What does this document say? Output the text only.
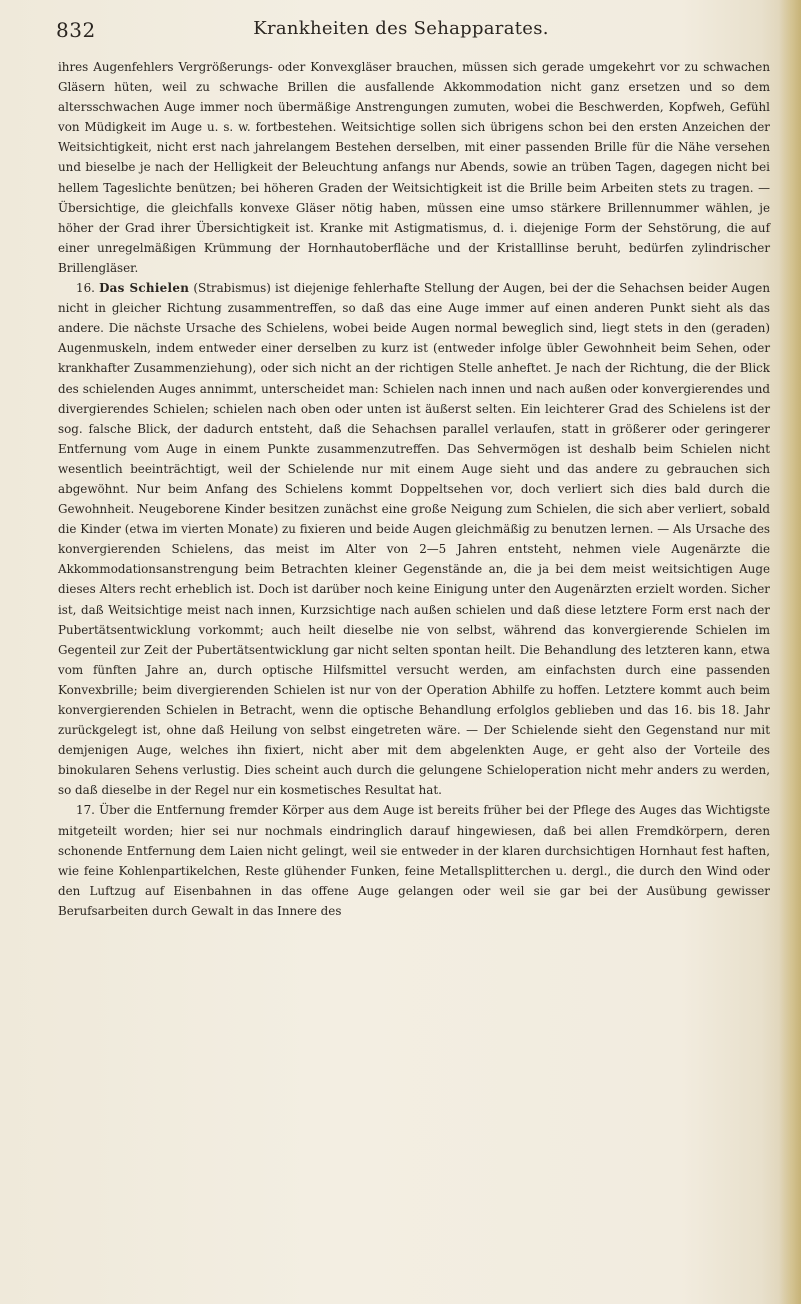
832	Krankheiten des Sehapparates.

ihres Augenfehlers Vergrößerungs- oder Konvexgläser brauchen, müssen sich gerade umgekehrt vor zu schwachen Gläsern hüten, weil zu schwache Brillen die ausfallende Akkommodation nicht ganz ersetzen und so dem altersschwachen Auge immer noch übermäßige Anstrengungen zumuten, wobei die Beschwerden, Kopfweh, Gefühl von Müdigkeit im Auge u. s. w. fortbestehen. Weitsichtige sollen sich übrigens schon bei den ersten Anzeichen der Weitsichtigkeit, nicht erst nach jahrelangem Bestehen derselben, mit einer passenden Brille für die Nähe versehen und bieselbe je nach der Helligkeit der Beleuchtung anfangs nur Abends, sowie an trüben Tagen, dagegen nicht bei hellem Tageslichte benützen; bei höheren Graden der Weitsichtigkeit ist die Brille beim Arbeiten stets zu tragen. — Übersichtige, die gleichfalls konvexe Gläser nötig haben, müssen eine umso stärkere Brillennummer wählen, je höher der Grad ihrer Übersichtigkeit ist. Kranke mit Astigmatismus, d. i. diejenige Form der Sehstörung, die auf einer unregelmäßigen Krümmung der Hornhautoberfläche und der Kristalllinse beruht, bedürfen zylindrischer Brillengläser.

16. Das Schielen (Strabismus) ist diejenige fehlerhafte Stellung der Augen, bei der die Sehachsen beider Augen nicht in gleicher Richtung zusammentreffen, so daß das eine Auge immer auf einen anderen Punkt sieht als das andere. Die nächste Ursache des Schielens, wobei beide Augen normal beweglich sind, liegt stets in den (geraden) Augenmuskeln, indem entweder einer derselben zu kurz ist (entweder infolge übler Gewohnheit beim Sehen, oder krankhafter Zusammenziehung), oder sich nicht an der richtigen Stelle anheftet. Je nach der Richtung, die der Blick des schielenden Auges annimmt, unterscheidet man: Schielen nach innen und nach außen oder konvergierendes und divergierendes Schielen; schielen nach oben oder unten ist äußerst selten. Ein leichterer Grad des Schielens ist der sog. falsche Blick, der dadurch entsteht, daß die Sehachsen parallel verlaufen, statt in größerer oder geringerer Entfernung vom Auge in einem Punkte zusammenzutreffen. Das Sehvermögen ist deshalb beim Schielen nicht wesentlich beeinträchtigt, weil der Schielende nur mit einem Auge sieht und das andere zu gebrauchen sich abgewöhnt. Nur beim Anfang des Schielens kommt Doppeltsehen vor, doch verliert sich dies bald durch die Gewohnheit. Neugeborene Kinder besitzen zunächst eine große Neigung zum Schielen, die sich aber verliert, sobald die Kinder (etwa im vierten Monate) zu fixieren und beide Augen gleichmäßig zu benutzen lernen. — Als Ursache des konvergierenden Schielens, das meist im Alter von 2—5 Jahren entsteht, nehmen viele Augenärzte die Akkommodationsanstrengung beim Betrachten kleiner Gegenstände an, die ja bei dem meist weitsichtigen Auge dieses Alters recht erheblich ist. Doch ist darüber noch keine Einigung unter den Augenärzten erzielt worden. Sicher ist, daß Weitsichtige meist nach innen, Kurzsichtige nach außen schielen und daß diese letztere Form erst nach der Pubertätsentwicklung vorkommt; auch heilt dieselbe nie von selbst, während das konvergierende Schielen im Gegenteil zur Zeit der Pubertätsentwicklung gar nicht selten spontan heilt. Die Behandlung des letzteren kann, etwa vom fünften Jahre an, durch optische Hilfsmittel versucht werden, am einfachsten durch eine passenden Konvexbrille; beim divergierenden Schielen ist nur von der Operation Abhilfe zu hoffen. Letztere kommt auch beim konvergierenden Schielen in Betracht, wenn die optische Behandlung erfolglos geblieben und das 16. bis 18. Jahr zurückgelegt ist, ohne daß Heilung von selbst eingetreten wäre. — Der Schielende sieht den Gegenstand nur mit demjenigen Auge, welches ihn fixiert, nicht aber mit dem abgelenkten Auge, er geht also der Vorteile des binokularen Sehens verlustig. Dies scheint auch durch die gelungene Schieloperation nicht mehr anders zu werden, so daß dieselbe in der Regel nur ein kosmetisches Resultat hat.

17. Über die Entfernung fremder Körper aus dem Auge ist bereits früher bei der Pflege des Auges das Wichtigste mitgeteilt worden; hier sei nur nochmals eindringlich darauf hingewiesen, daß bei allen Fremdkörpern, deren schonende Entfernung dem Laien nicht gelingt, weil sie entweder in der klaren durchsichtigen Hornhaut fest haften, wie feine Kohlenpartikelchen, Reste glühender Funken, feine Metallsplitterchen u. dergl., die durch den Wind oder den Luftzug auf Eisenbahnen in das offene Auge gelangen oder weil sie gar bei der Ausübung gewisser Berufsarbeiten durch Gewalt in das Innere des
